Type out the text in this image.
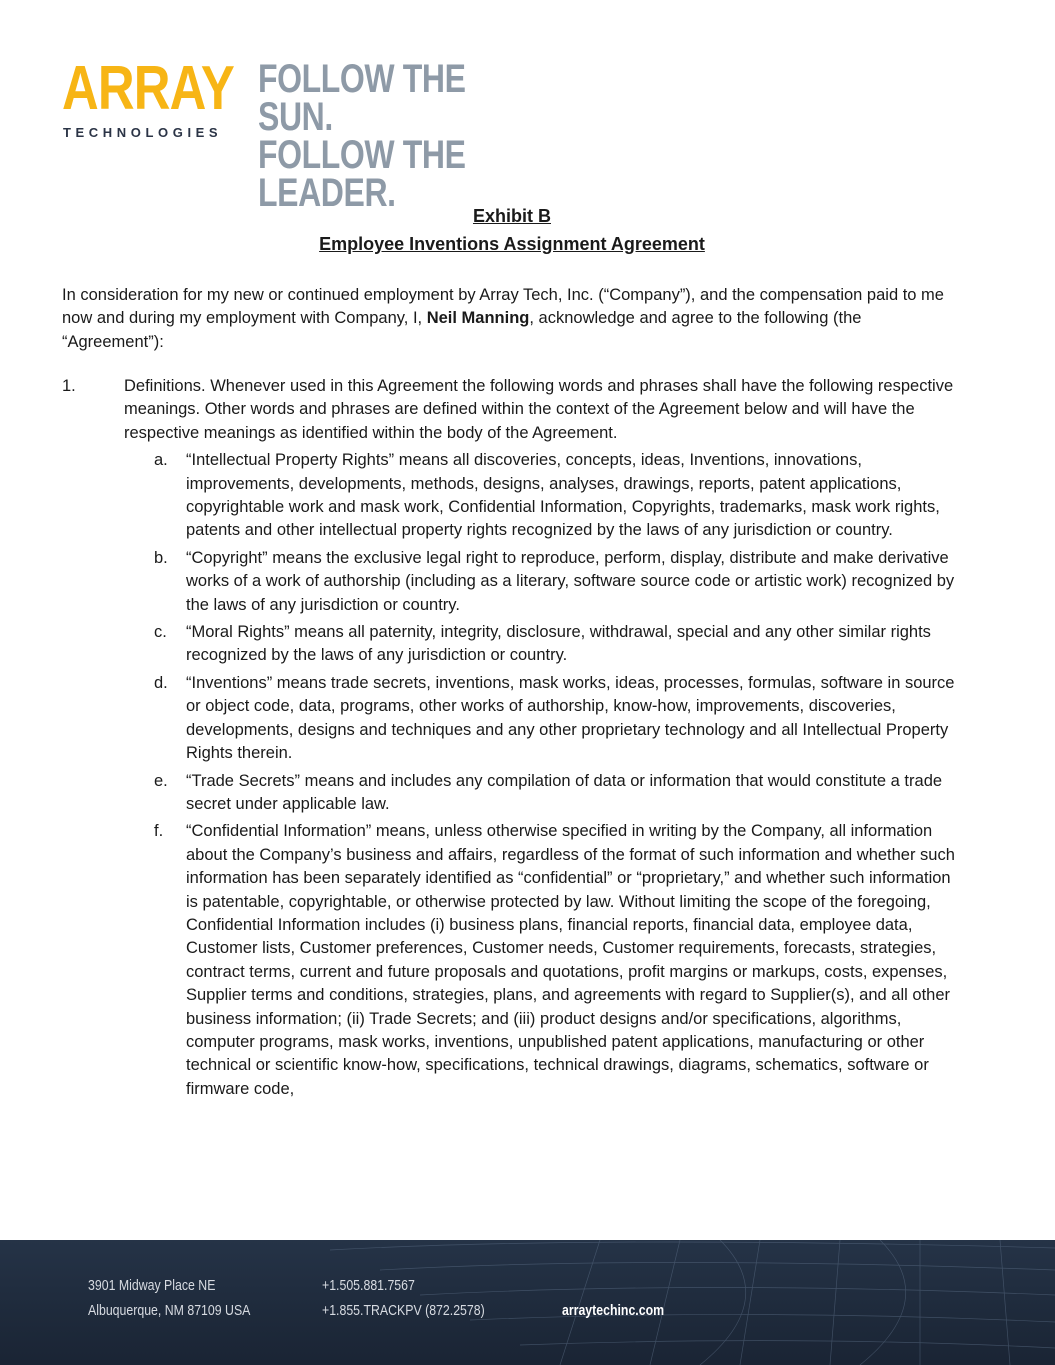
ARRAY
TECHNOLOGIES
FOLLOW THE SUN.
FOLLOW THE LEADER.
Exhibit B
Employee Inventions Assignment Agreement

In consideration for my new or continued employment by Array Tech, Inc. (“Company”), and the compensation paid to me now and during my employment with Company, I, Neil Manning, acknowledge and agree to the following (the “Agreement”):

1.	Definitions. Whenever used in this Agreement the following words and phrases shall have the following respective meanings. Other words and phrases are defined within the context of the Agreement below and will have the respective meanings as identified within the body of the Agreement.
a.	“Intellectual Property Rights” means all discoveries, concepts, ideas, Inventions, innovations, improvements, developments, methods, designs, analyses, drawings, reports, patent applications, copyrightable work and mask work, Confidential Information, Copyrights, trademarks, mask work rights, patents and other intellectual property rights recognized by the laws of any jurisdiction or country.
b.	“Copyright” means the exclusive legal right to reproduce, perform, display, distribute and make derivative works of a work of authorship (including as a literary, software source code or artistic work) recognized by the laws of any jurisdiction or country.
c.	“Moral Rights” means all paternity, integrity, disclosure, withdrawal, special and any other similar rights recognized by the laws of any jurisdiction or country.
d.	“Inventions” means trade secrets, inventions, mask works, ideas, processes, formulas, software in source or object code, data, programs, other works of authorship, know-how, improvements, discoveries, developments, designs and techniques and any other proprietary technology and all Intellectual Property Rights therein.
e.	“Trade Secrets” means and includes any compilation of data or information that would constitute a trade secret under applicable law.
f.	“Confidential Information” means, unless otherwise specified in writing by the Company, all information about the Company’s business and affairs, regardless of the format of such information and whether such information has been separately identified as “confidential” or “proprietary,” and whether such information is patentable, copyrightable, or otherwise protected by law. Without limiting the scope of the foregoing, Confidential Information includes (i) business plans, financial reports, financial data, employee data, Customer lists, Customer preferences, Customer needs, Customer requirements, forecasts, strategies, contract terms, current and future proposals and quotations, profit margins or markups, costs, expenses, Supplier terms and conditions, strategies, plans, and agreements with regard to Supplier(s), and all other business information; (ii) Trade Secrets; and (iii) product designs and/or specifications, algorithms, computer programs, mask works, inventions, unpublished patent applications, manufacturing or other technical or scientific know-how, specifications, technical drawings, diagrams, schematics, software or firmware code,
3901 Midway Place NE
Albuquerque, NM 87109 USA
+1.505.881.7567
+1.855.TRACKPV (872.2578)	arraytechinc.com
